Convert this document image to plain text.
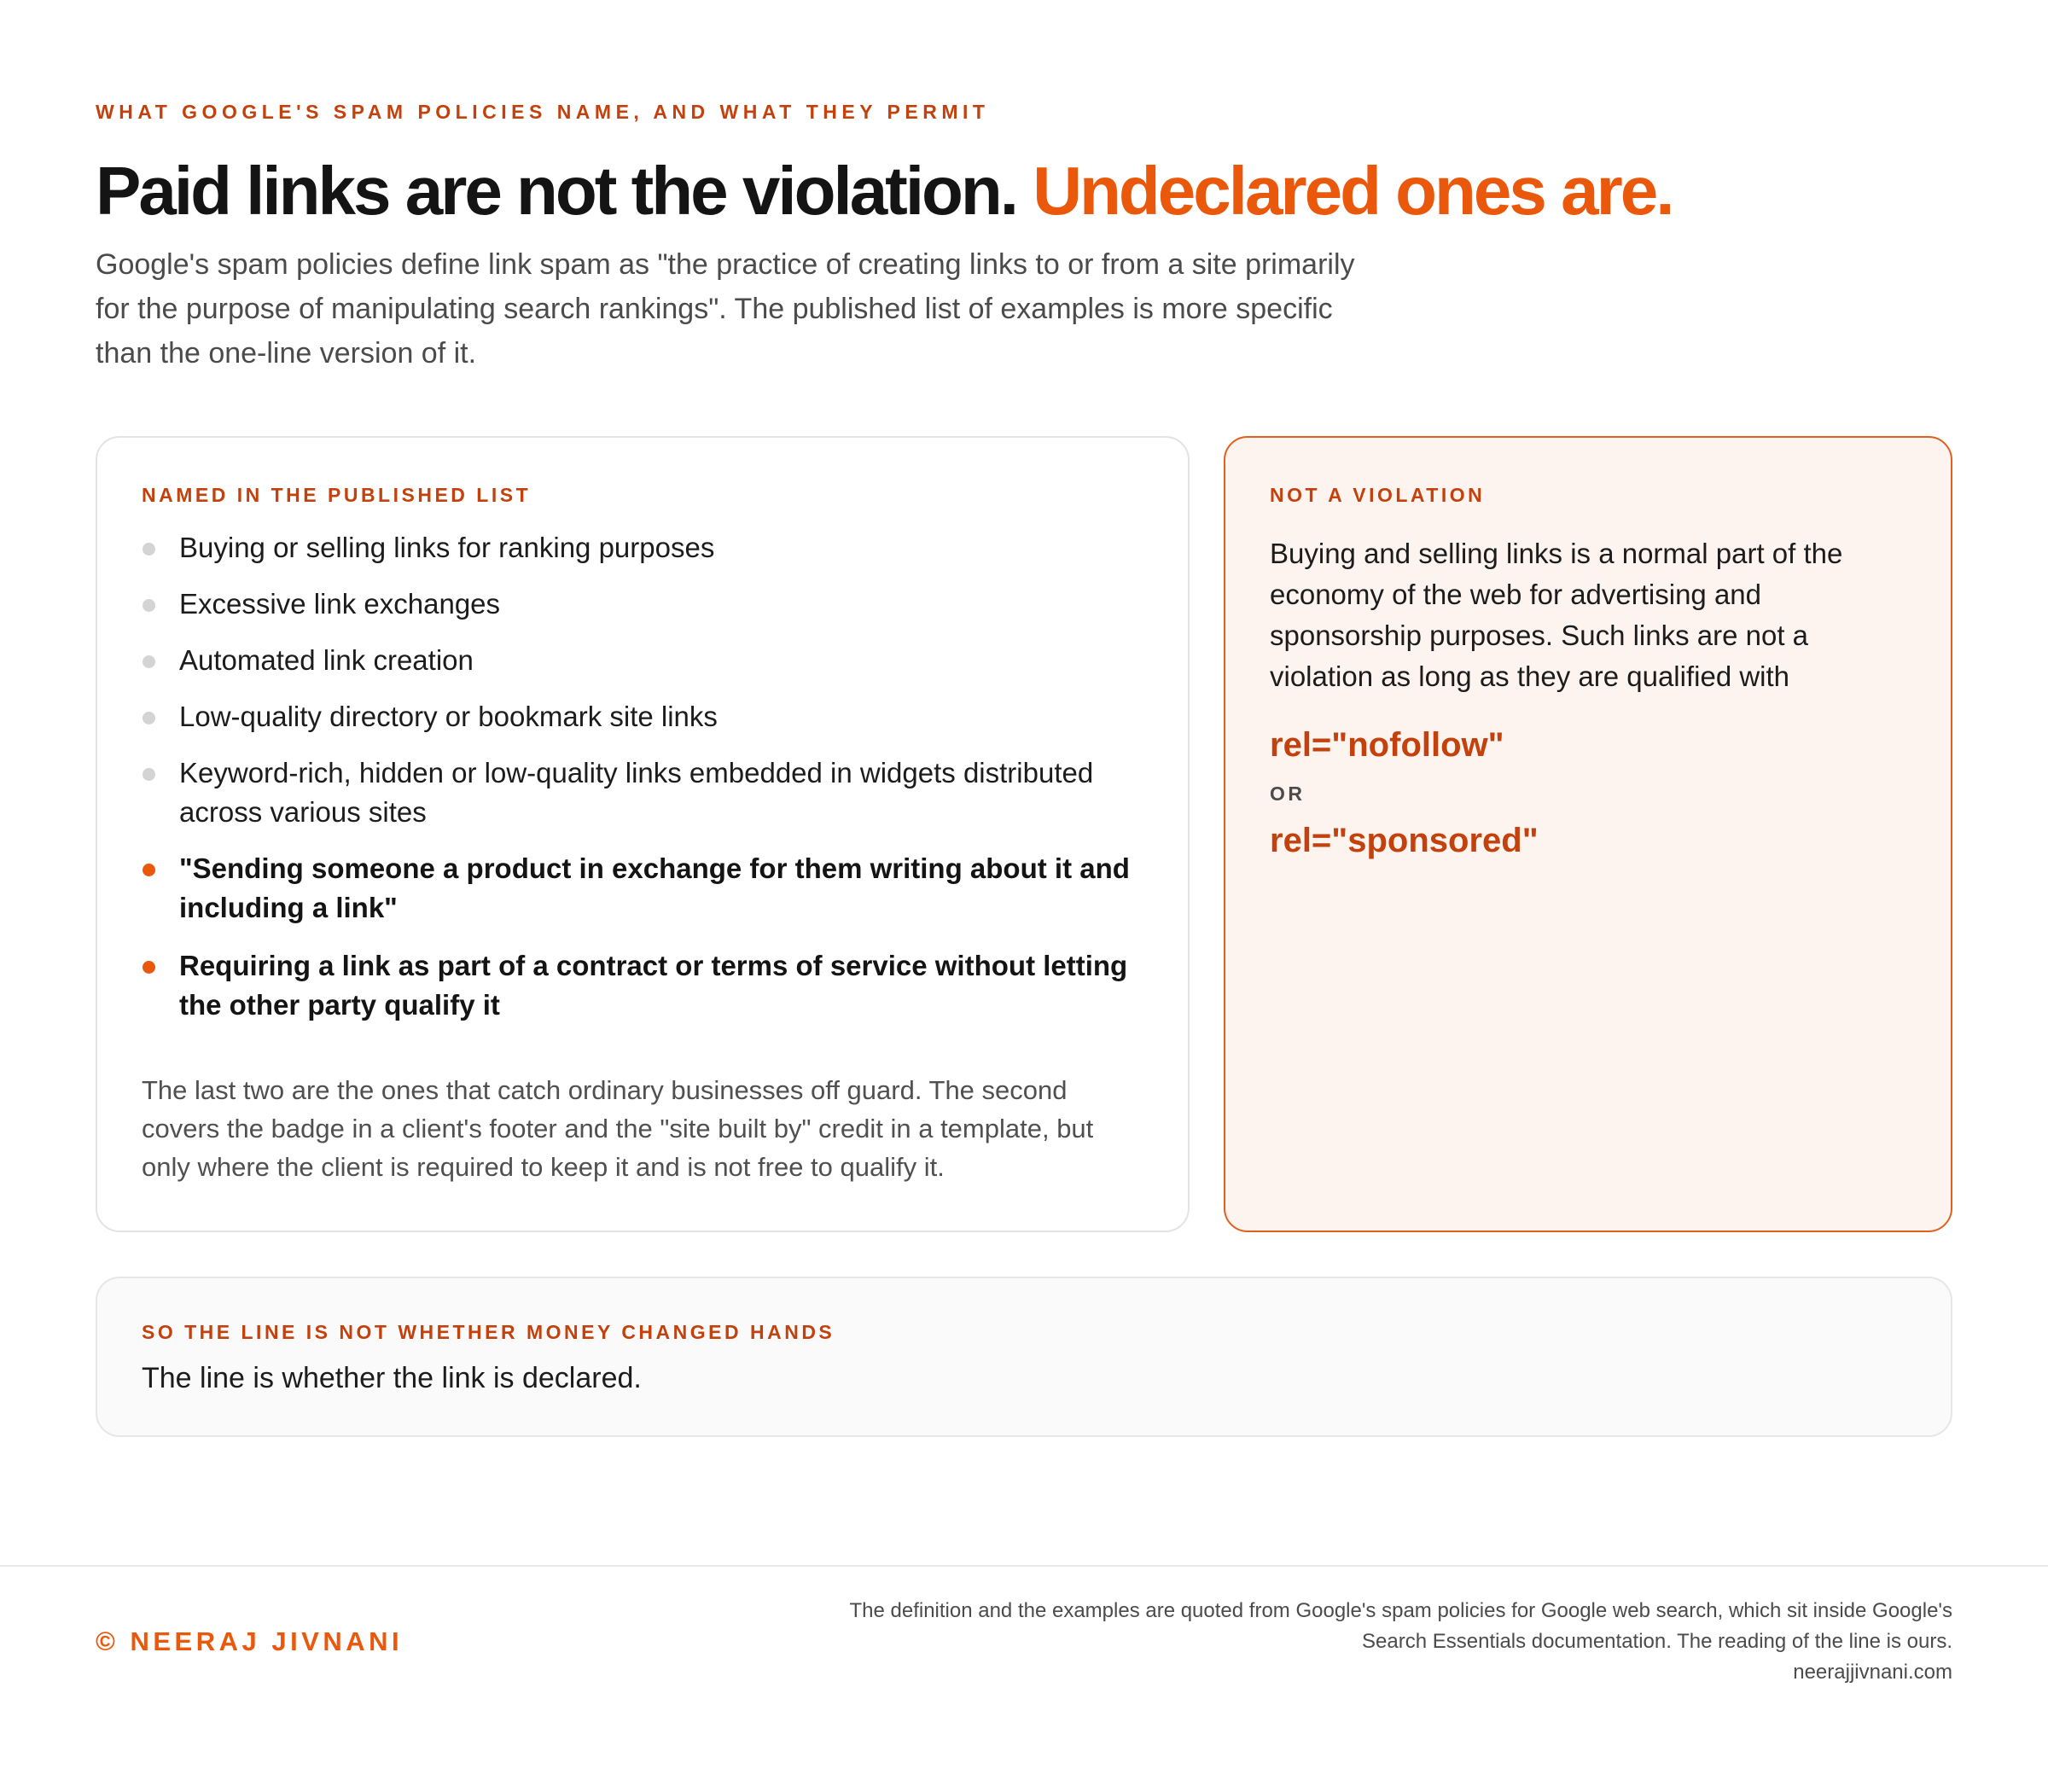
WHAT GOOGLE'S SPAM POLICIES NAME, AND WHAT THEY PERMIT
Paid links are not the violation. Undeclared ones are.

Google's spam policies define link spam as "the practice of creating links to or from a site primarily for the purpose of manipulating search rankings". The published list of examples is more specific than the one-line version of it.

NAMED IN THE PUBLISHED LIST
Buying or selling links for ranking purposes
Excessive link exchanges
Automated link creation
Low-quality directory or bookmark site links
Keyword-rich, hidden or low-quality links embedded in widgets distributed across various sites
"Sending someone a product in exchange for them writing about it and including a link"
Requiring a link as part of a contract or terms of service without letting the other party qualify it

The last two are the ones that catch ordinary businesses off guard. The second covers the badge in a client's footer and the "site built by" credit in a template, but only where the client is required to keep it and is not free to qualify it.

NOT A VIOLATION

Buying and selling links is a normal part of the economy of the web for advertising and sponsorship purposes. Such links are not a violation as long as they are qualified with

rel="nofollow"
OR
rel="sponsored"
SO THE LINE IS NOT WHETHER MONEY CHANGED HANDS
The line is whether the link is declared.
© NEERAJ JIVNANI
The definition and the examples are quoted from Google's spam policies for Google web search, which sit inside Google's
Search Essentials documentation. The reading of the line is ours.
neerajjivnani.com
